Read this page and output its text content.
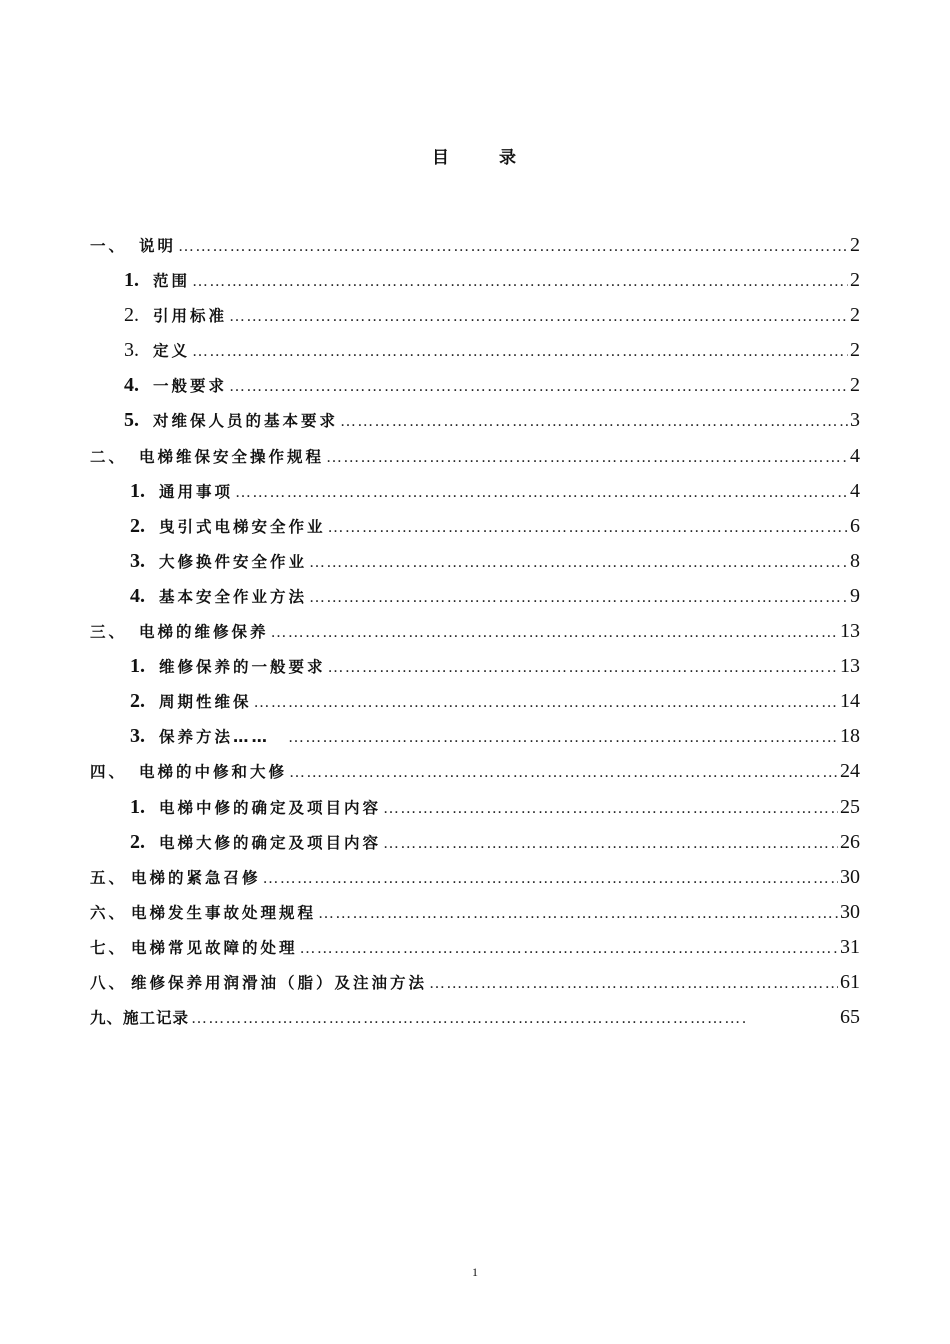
目	录
一、 说明 ………………………………………………………………………………………………………………………………………………………………	2
1. 范围 ………………………………………………………………………………………………………………………………………………………………	2
2. 引用标准 ………………………………………………………………………………………………………………………………………………………………	2
3. 定义 ………………………………………………………………………………………………………………………………………………………………	2
4. 一般要求 ………………………………………………………………………………………………………………………………………………………………	2
5. 对维保人员的基本要求 ………………………………………………………………………………………………………………………………………………………………	3
二、 电梯维保安全操作规程 ………………………………………………………………………………………………………………………………………………………………	4
1. 通用事项 ………………………………………………………………………………………………………………………………………………………………	4
2. 曳引式电梯安全作业 ………………………………………………………………………………………………………………………………………………………………	6
3. 大修换件安全作业 ………………………………………………………………………………………………………………………………………………………………	8
4. 基本安全作业方法 ………………………………………………………………………………………………………………………………………………………………	9
三、 电梯的维修保养 ………………………………………………………………………………………………………………………………………………………………	13
1. 维修保养的一般要求 ………………………………………………………………………………………………………………………………………………………………	13
2. 周期性维保 ………………………………………………………………………………………………………………………………………………………………	14
3. 保养方法…… ………………………………………………………………………………………………………………………………………………………………	18
四、 电梯的中修和大修 ………………………………………………………………………………………………………………………………………………………………	24
1. 电梯中修的确定及项目内容 ………………………………………………………………………………………………………………………………………………………………	25
2. 电梯大修的确定及项目内容 ………………………………………………………………………………………………………………………………………………………………	26
五、 电梯的紧急召修 ………………………………………………………………………………………………………………………………………………………………	30
六、 电梯发生事故处理规程 ………………………………………………………………………………………………………………………………………………………………	30
七、 电梯常见故障的处理 ………………………………………………………………………………………………………………………………………………………………	31
八、 维修保养用润滑油（脂）及注油方法 ………………………………………………………………………………………………………………………………………………………………	61
九、 施工记录 …………………………………………………………………………………………………………..	65
1
